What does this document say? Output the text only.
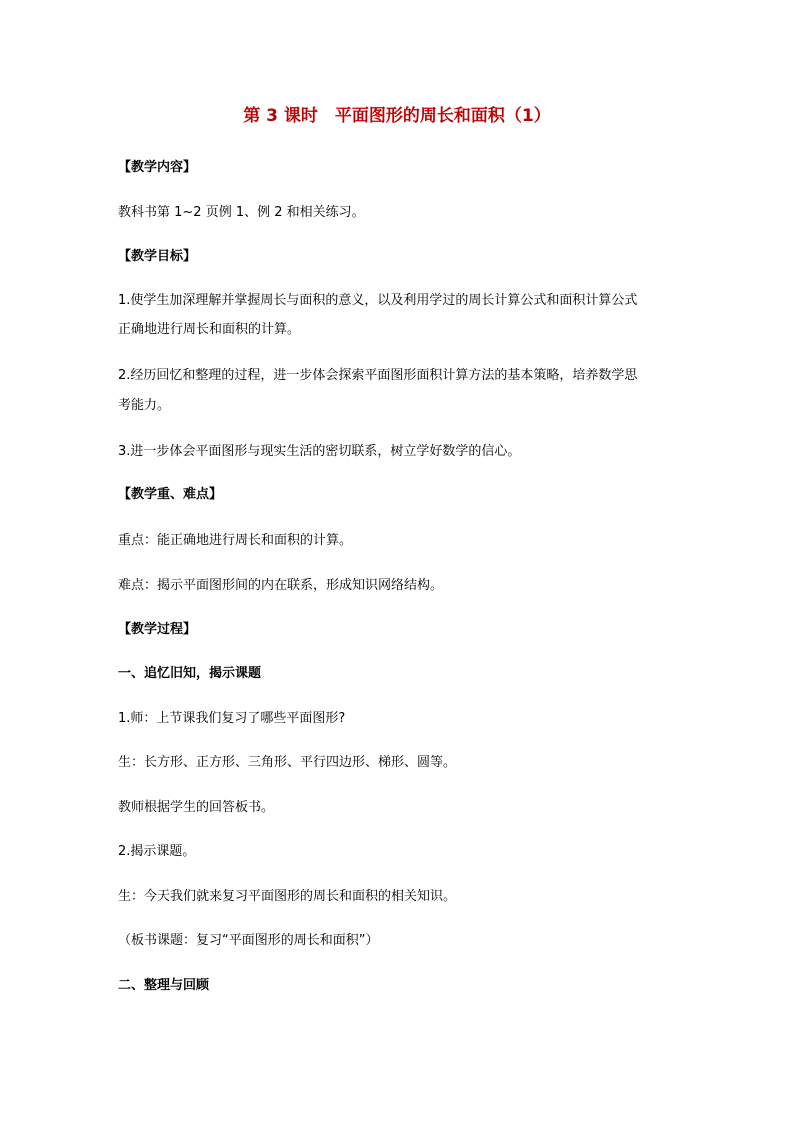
第 3 课时　平面图形的周长和面积（1）
【教学内容】
教科书第 1~2 页例 1、例 2 和相关练习。
【教学目标】
1.使学生加深理解并掌握周长与面积的意义，以及利用学过的周长计算公式和面积计算公式
正确地进行周长和面积的计算。
2.经历回忆和整理的过程，进一步体会探索平面图形面积计算方法的基本策略，培养数学思
考能力。
3.进一步体会平面图形与现实生活的密切联系，树立学好数学的信心。
【教学重、难点】
重点：能正确地进行周长和面积的计算。
难点：揭示平面图形间的内在联系，形成知识网络结构。
【教学过程】
一、追忆旧知，揭示课题
1.师：上节课我们复习了哪些平面图形?
生：长方形、正方形、三角形、平行四边形、梯形、圆等。
教师根据学生的回答板书。
2.揭示课题。
生：今天我们就来复习平面图形的周长和面积的相关知识。
（板书课题：复习“平面图形的周长和面积”）
二、整理与回顾
